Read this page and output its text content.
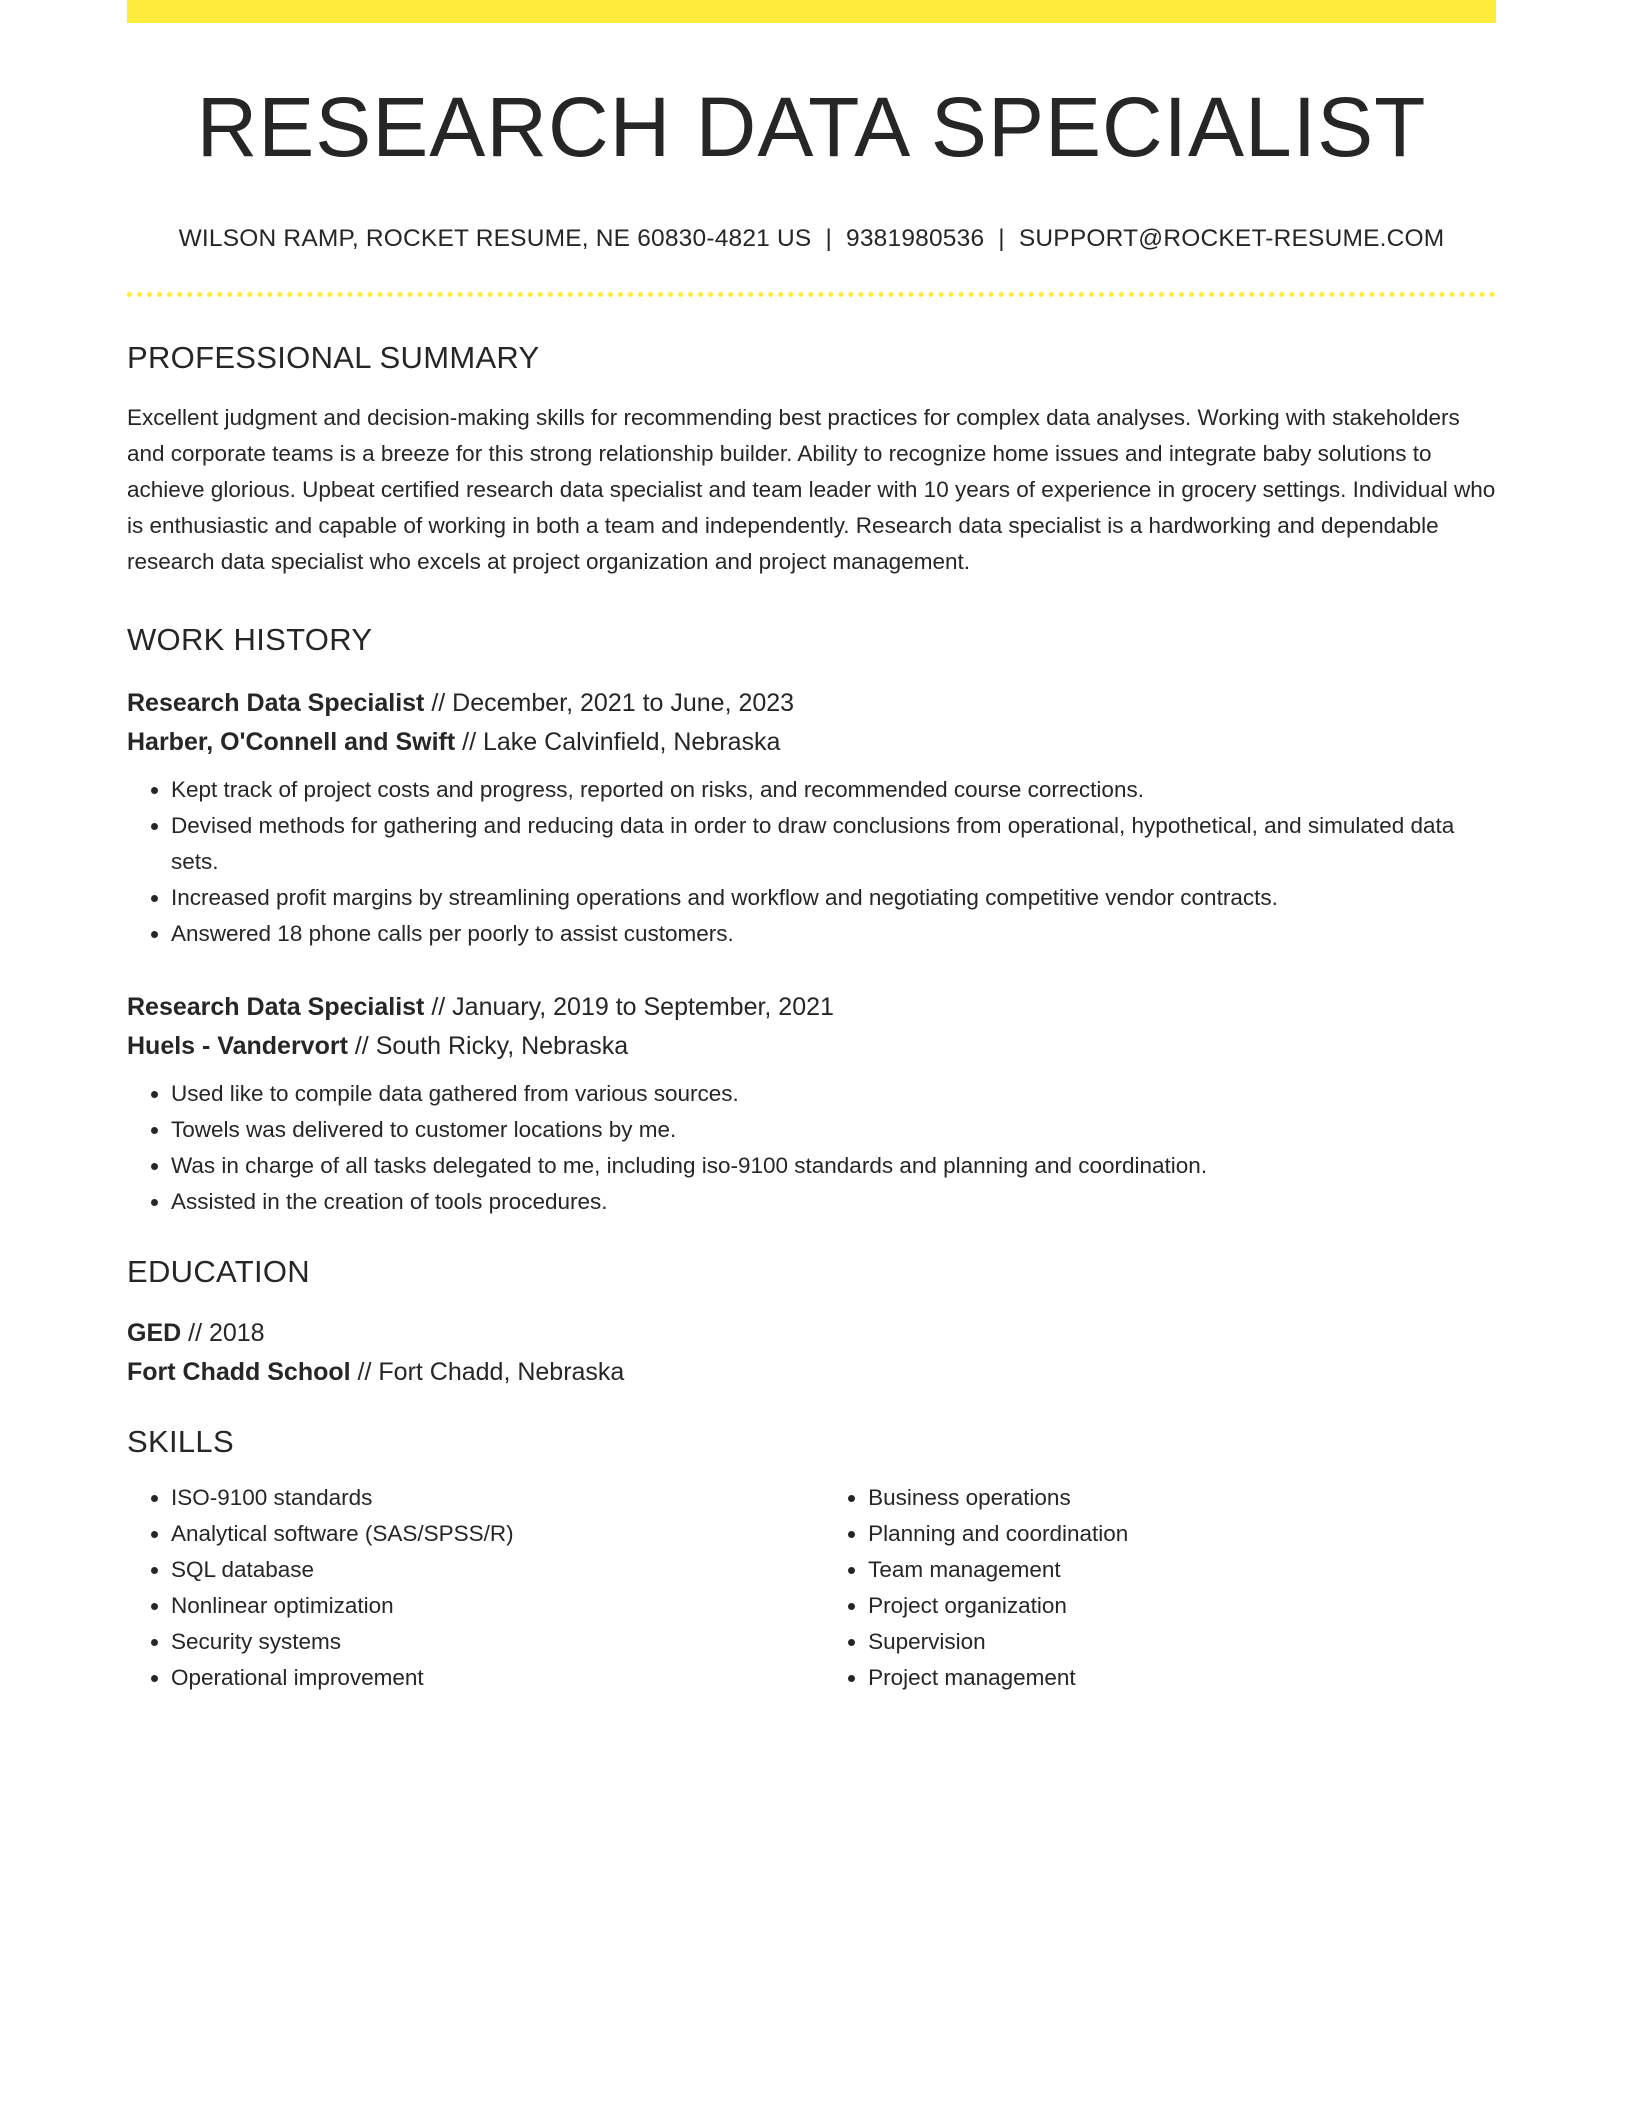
RESEARCH DATA SPECIALIST
WILSON RAMP, ROCKET RESUME, NE 60830-4821 US | 9381980536 | SUPPORT@ROCKET-RESUME.COM
PROFESSIONAL SUMMARY

Excellent judgment and decision-making skills for recommending best practices for complex data analyses. Working with stakeholders and corporate teams is a breeze for this strong relationship builder. Ability to recognize home issues and integrate baby solutions to achieve glorious. Upbeat certified research data specialist and team leader with 10 years of experience in grocery settings. Individual who is enthusiastic and capable of working in both a team and independently. Research data specialist is a hardworking and dependable research data specialist who excels at project organization and project management.

WORK HISTORY
Research Data Specialist // December, 2021 to June, 2023
Harber, O'Connell and Swift // Lake Calvinfield, Nebraska
• Kept track of project costs and progress, reported on risks, and recommended course corrections.
• Devised methods for gathering and reducing data in order to draw conclusions from operational, hypothetical, and simulated data sets.
• Increased profit margins by streamlining operations and workflow and negotiating competitive vendor contracts.
• Answered 18 phone calls per poorly to assist customers.
Research Data Specialist // January, 2019 to September, 2021
Huels - Vandervort // South Ricky, Nebraska
• Used like to compile data gathered from various sources.
• Towels was delivered to customer locations by me.
• Was in charge of all tasks delegated to me, including iso-9100 standards and planning and coordination.
• Assisted in the creation of tools procedures.
EDUCATION
GED // 2018
Fort Chadd School // Fort Chadd, Nebraska
SKILLS
• ISO-9100 standards
• Analytical software (SAS/SPSS/R)
• SQL database
• Nonlinear optimization
• Security systems
• Operational improvement
• Business operations
• Planning and coordination
• Team management
• Project organization
• Supervision
• Project management
